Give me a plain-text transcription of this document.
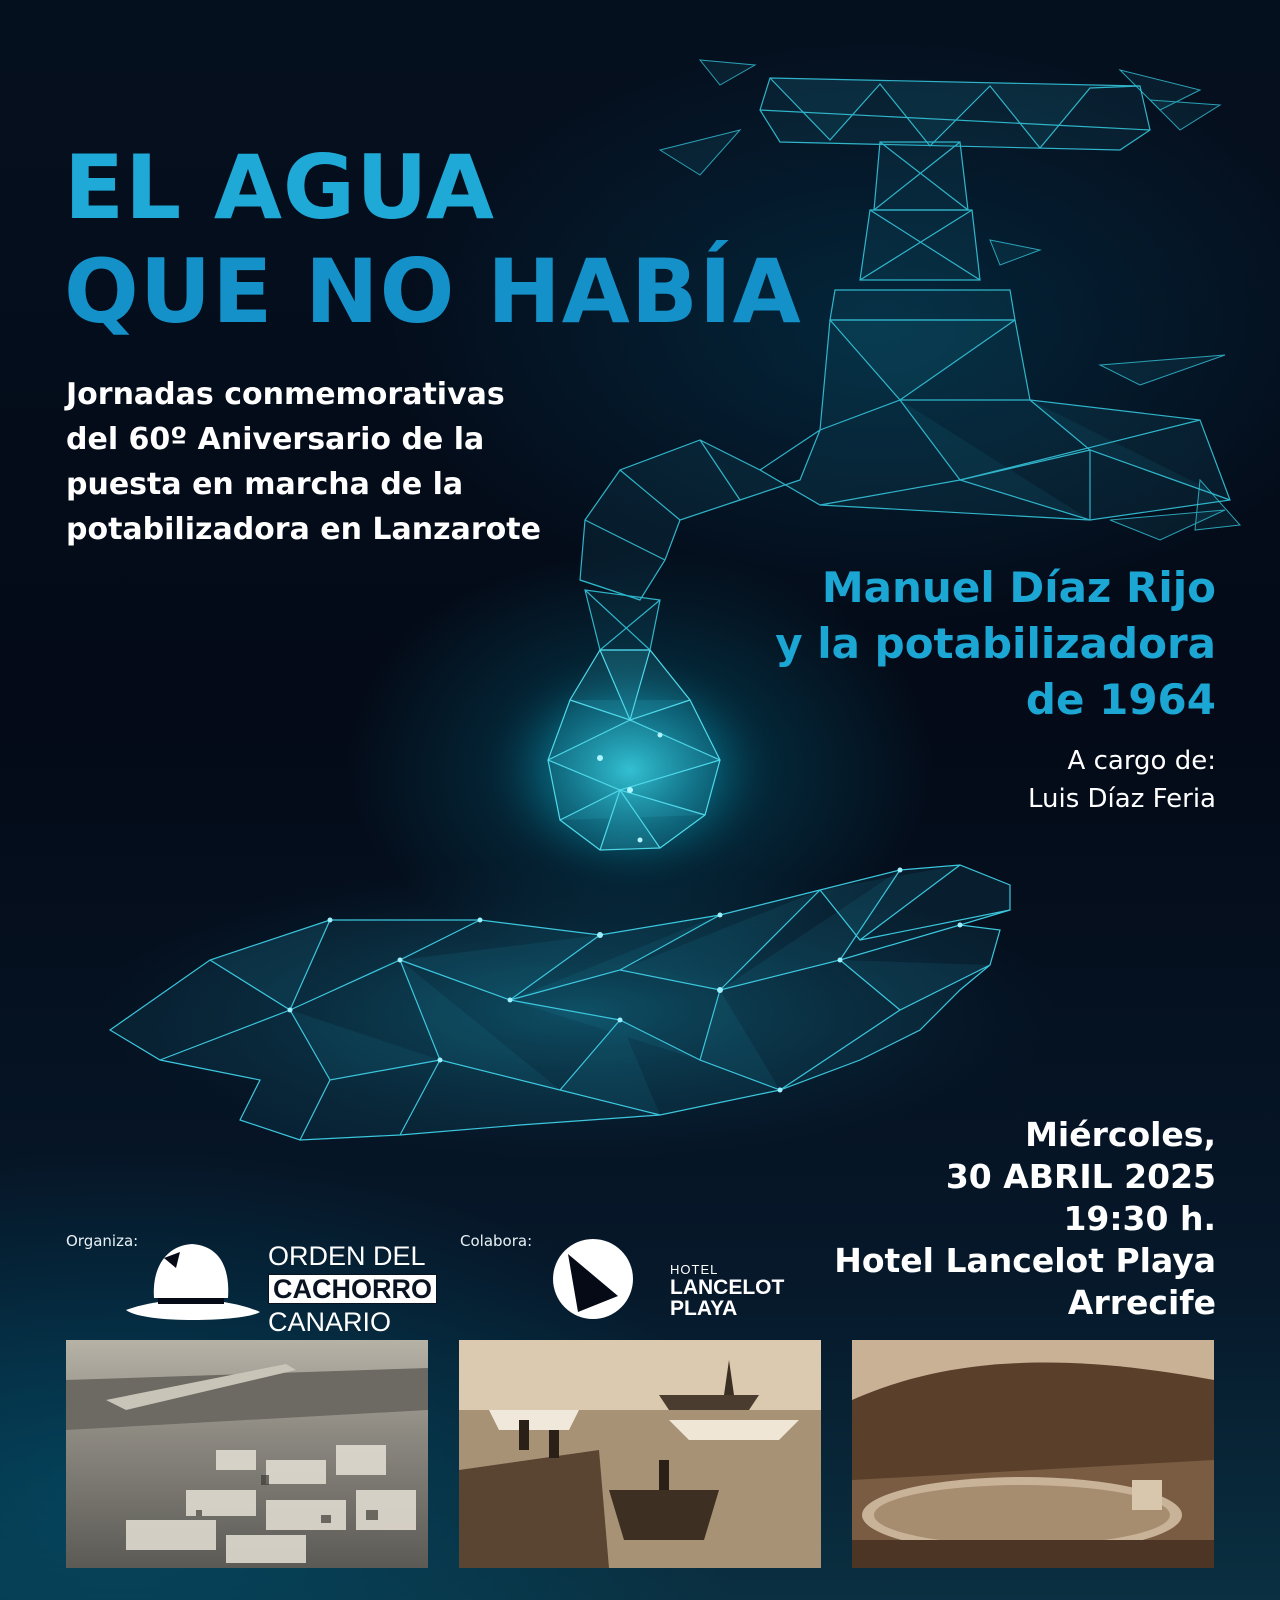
EL AGUA
QUE NO HABÍA

Jornadas conmemorativas
del 60º Aniversario de la
puesta en marcha de la
potabilizadora en Lanzarote

Manuel Díaz Rijo
y la potabilizadora
de 1964
A cargo de:
Luis Díaz Feria
Miércoles,
30 ABRIL 2025
19:30 h.
Hotel Lancelot Playa
Arrecife
Organiza:	ORDEN DEL
CACHORRO
CANARIO
Colabora:
HOTEL
LANCELOT
PLAYA
